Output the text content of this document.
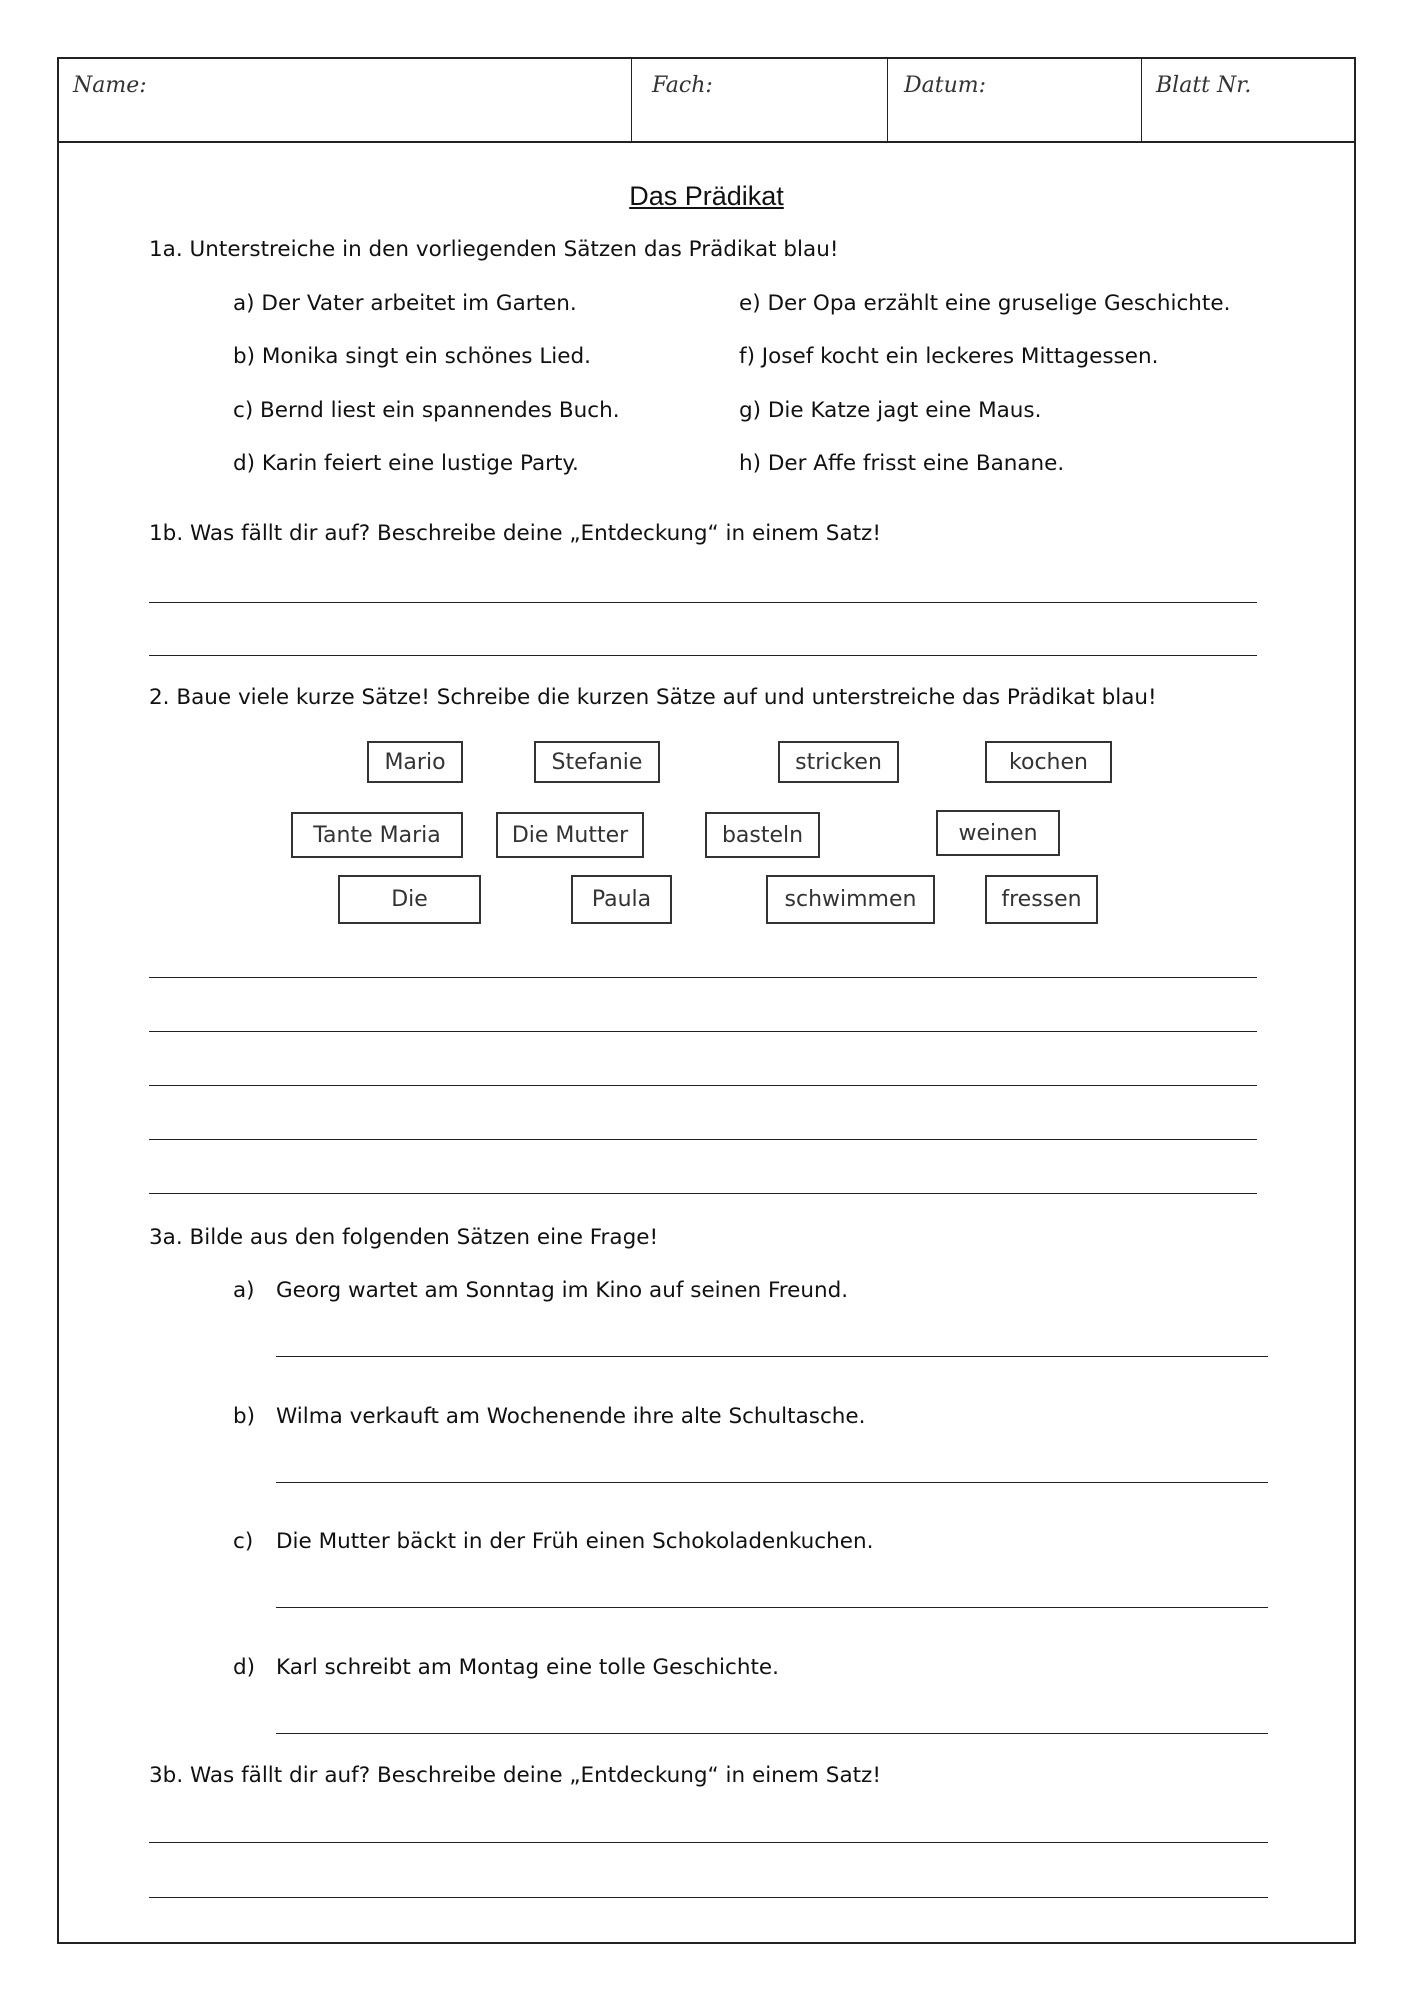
Name:	Fach:	Datum:	Blatt Nr.
Das Prädikat
1a. Unterstreiche in den vorliegenden Sätzen das Prädikat blau!
a) Der Vater arbeitet im Garten.
b) Monika singt ein schönes Lied.
c) Bernd liest ein spannendes Buch.
d) Karin feiert eine lustige Party.
e) Der Opa erzählt eine gruselige Geschichte.
f) Josef kocht ein leckeres Mittagessen.
g) Die Katze jagt eine Maus.
h) Der Affe frisst eine Banane.
1b. Was fällt dir auf? Beschreibe deine „Entdeckung“ in einem Satz!
2. Baue viele kurze Sätze! Schreibe die kurzen Sätze auf und unterstreiche das Prädikat blau!
Mario	Stefanie	stricken	kochen
Tante Maria	Die Mutter	basteln	weinen
Die	Paula	schwimmen	fressen
3a. Bilde aus den folgenden Sätzen eine Frage!
a) Georg wartet am Sonntag im Kino auf seinen Freund.
b) Wilma verkauft am Wochenende ihre alte Schultasche.
c) Die Mutter bäckt in der Früh einen Schokoladenkuchen.
d) Karl schreibt am Montag eine tolle Geschichte.
3b. Was fällt dir auf? Beschreibe deine „Entdeckung“ in einem Satz!
